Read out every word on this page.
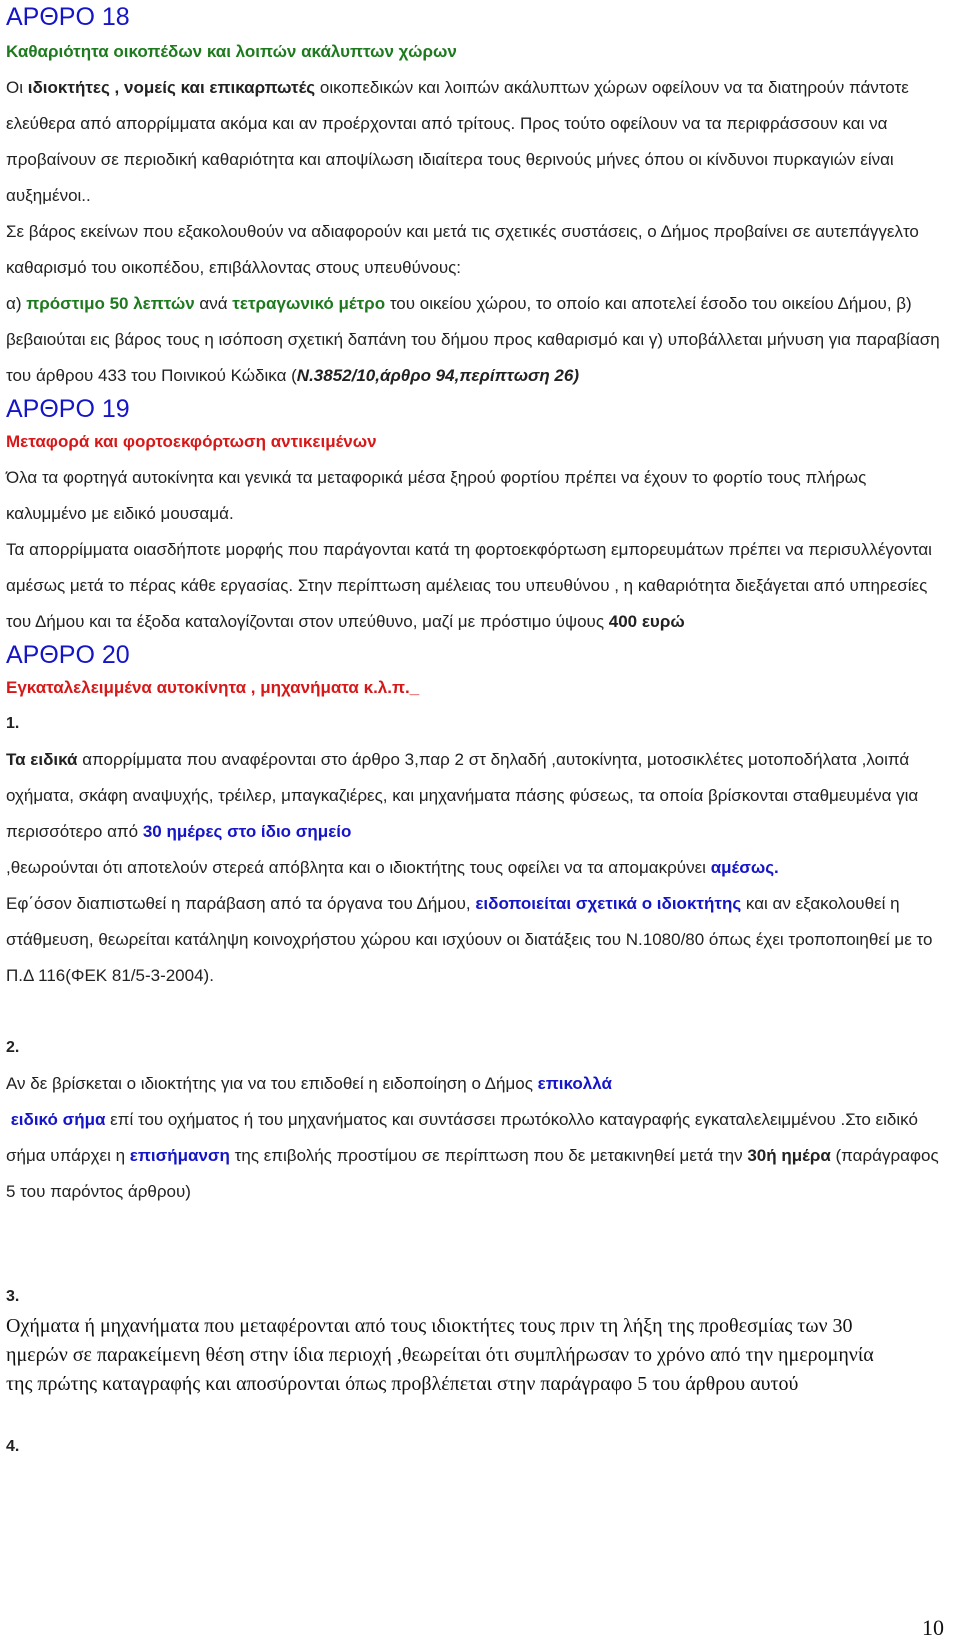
ΑΡΘΡΟ 18
Καθαριότητα οικοπέδων και λοιπών ακάλυπτων χώρων

Οι ιδιοκτήτες , νομείς και επικαρπωτές οικοπεδικών και λοιπών ακάλυπτων χώρων οφείλουν να τα διατηρούν πάντοτε ελεύθερα από απορρίμματα ακόμα και αν προέρχονται από τρίτους. Προς τούτο οφείλουν να τα περιφράσσουν και να προβαίνουν σε περιοδική καθαριότητα και αποψίλωση ιδιαίτερα τους θερινούς μήνες όπου οι κίνδυνοι πυρκαγιών είναι αυξημένοι..

Σε βάρος εκείνων που εξακολουθούν να αδιαφορούν και μετά τις σχετικές συστάσεις, ο Δήμος προβαίνει σε αυτεπάγγελτο καθαρισμό του οικοπέδου, επιβάλλοντας στους υπευθύνους:

α) πρόστιμο 50 λεπτών ανά τετραγωνικό μέτρο του οικείου χώρου, το οποίο και αποτελεί έσοδο του οικείου Δήμου, β) βεβαιούται εις βάρος τους η ισόποση σχετική δαπάνη του δήμου προς καθαρισμό και γ) υποβάλλεται μήνυση για παραβίαση του άρθρου 433 του Ποινικού Κώδικα (Ν.3852/10,άρθρο 94,περίπτωση 26)

ΑΡΘΡΟ 19
Μεταφορά και φορτοεκφόρτωση αντικειμένων

Όλα τα φορτηγά αυτοκίνητα και γενικά τα μεταφορικά μέσα ξηρού φορτίου πρέπει να έχουν το φορτίο τους πλήρως καλυμμένο με ειδικό μουσαμά.

Τα απορρίμματα οιασδήποτε μορφής που παράγονται κατά τη φορτοεκφόρτωση εμπορευμάτων πρέπει να περισυλλέγονται αμέσως μετά το πέρας κάθε εργασίας. Στην περίπτωση αμέλειας του υπευθύνου , η καθαριότητα διεξάγεται από υπηρεσίες του Δήμου και τα έξοδα καταλογίζονται στον υπεύθυνο, μαζί με πρόστιμο ύψους 400 ευρώ

ΑΡΘΡΟ 20
Εγκαταλελειμμένα αυτοκίνητα , μηχανήματα κ.λ.π._
1.

Τα ειδικά απορρίμματα που αναφέρονται στο άρθρο 3,παρ 2 στ δηλαδή ,αυτοκίνητα, μοτοσικλέτες μοτοποδήλατα ,λοιπά οχήματα, σκάφη αναψυχής, τρέιλερ, μπαγκαζιέρες, και μηχανήματα πάσης φύσεως, τα οποία βρίσκονται σταθμευμένα για περισσότερο από 30 ημέρες στο ίδιο σημείο
,θεωρούνται ότι αποτελούν στερεά απόβλητα και ο ιδιοκτήτης τους οφείλει να τα απομακρύνει αμέσως.
Εφ΄όσον διαπιστωθεί η παράβαση από τα όργανα του Δήμου, ειδοποιείται σχετικά ο ιδιοκτήτης και αν εξακολουθεί η στάθμευση, θεωρείται κατάληψη κοινοχρήστου χώρου και ισχύουν οι διατάξεις του Ν.1080/80 όπως έχει τροποποιηθεί με το Π.Δ 116(ΦΕΚ 81/5-3-2004).

2.

Αν δε βρίσκεται ο ιδιοκτήτης για να του επιδοθεί η ειδοποίηση ο Δήμος επικολλά
ειδικό σήμα επί του οχήματος ή του μηχανήματος και συντάσσει πρωτόκολλο καταγραφής εγκαταλελειμμένου .Στο ειδικό σήμα υπάρχει η επισήμανση της επιβολής προστίμου σε περίπτωση που δε μετακινηθεί μετά την 30ή ημέρα (παράγραφος 5 του παρόντος άρθρου)

3.

Οχήματα ή μηχανήματα που μεταφέρονται από τους ιδιοκτήτες τους πριν τη λήξη της προθεσμίας των 30 ημερών σε παρακείμενη θέση στην ίδια περιοχή ,θεωρείται ότι συμπλήρωσαν το χρόνο από την ημερομηνία της πρώτης καταγραφής και αποσύρονται όπως προβλέπεται στην παράγραφο 5 του άρθρου αυτού

4.
10
